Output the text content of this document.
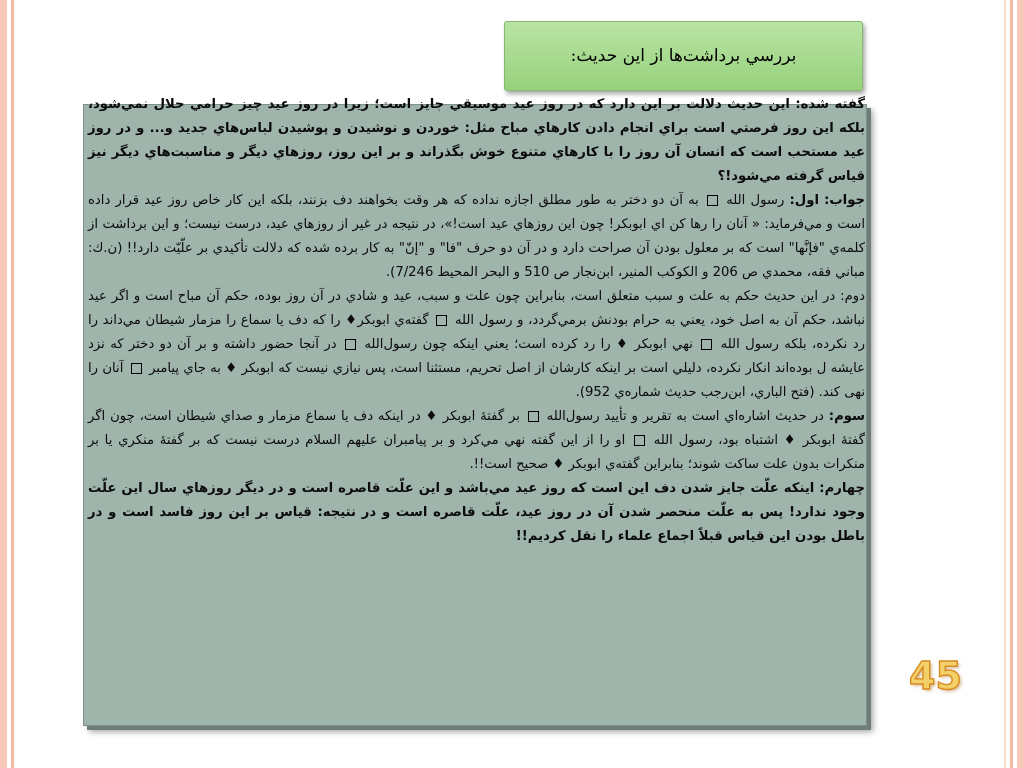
بررسي برداشت‌ها از اين حديث:

گفته شده: اين حديث دلالت بر اين دارد كه در روز عيد موسيقي جايز است؛ زيرا در روز عيد چيز حرامي حلال نمي‌شود، بلكه اين روز فرصتي است براي انجام دادن كارهاي مباح مثل: خوردن و نوشيدن و پوشيدن لباس‌هاي جديد و... و در روز عيد مستحب است كه انسان آن روز را با كارهاي متنوع خوش بگذراند و بر اين روز، روزهاي ديگر و مناسبت‌هاي ديگر نيز قياس گرفته مي‌شود!؟

جواب: اول: رسول الله  به آن دو دختر به طور مطلق اجازه نداده كه هر وقت بخواهند دف بزنند، بلكه اين كار خاص روز عيد قرار داده است و مي‌فرمايد: « آنان را رها كن اي ابوبكر! چون اين روزهاي عيد است!»، در نتيجه در غير از روزهاي عيد، درست نيست؛ و اين برداشت از كلمه‌ي "فإنَّها" است كه بر معلول بودن آن صراحت دارد و در آن دو حرف "فا" و "إنّ" به كار برده شده كه دلالت تأكيدي بر علّيّت دارد!! (ن.ك: مباني فقه، محمدي ص 206 و الكوكب المنير، ابن‌نجار ص 510 و البحر المحيط 7/246).

دوم: در اين حديث حكم به علت و سبب متعلق است، بنابراين چون علت و سبب، عيد و شادي در آن روز بوده، حكم آن مباح است و اگر عيد نباشد، حكم آن به اصل خود، يعني به حرام بودنش برمي‌گردد، و رسول الله  گفته‌ي ابوبكر♦ را كه دف يا سماع را مزمار شيطان مي‌داند را رد نكرده، بلكه رسول الله  نهي ابوبكر ♦ را رد كرده است؛ يعني اينكه چون رسول‌الله  در آنجا حضور داشته و بر آن دو دختر كه نزد عايشه ل بوده‌اند انكار نكرده، دليلي است بر اينكه كارشان از اصل تحريم، مستثنا است، پس نيازي نيست كه ابوبكر ♦ به جاي پيامبر  آنان را نهی كند. (فتح الباري، ابن‌رجب حديث شماره‌ي 952).

سوم: در حديث اشاره‌اي است به تقرير و تأييد رسول‌الله  بر گفتۀ ابوبكر ♦ در اينكه دف يا سماع مزمار و صداي شيطان است، چون اگر گفتۀ ابوبكر ♦ اشتباه بود، رسول الله  او را از اين گفته نهي مي‌كرد و بر پيامبران عليهم السلام درست نيست كه بر گفتۀ منكري يا بر منكرات بدون علت ساكت شوند؛ بنابراين گفته‌ي ابوبكر ♦ صحيح است!!.

چهارم: اينكه علّت جايز شدن دف اين است كه روز عيد مي‌باشد و اين علّت قاصره است و در ديگر روزهاي سال اين علّت وجود ندارد! پس به علّت منحصر شدن آن در روز عيد، علّت قاصره است و در نتيجه: قياس بر اين روز فاسد است و در باطل بودن اين قياس قبلاً اجماع علماء را نقل كرديم!!

45
